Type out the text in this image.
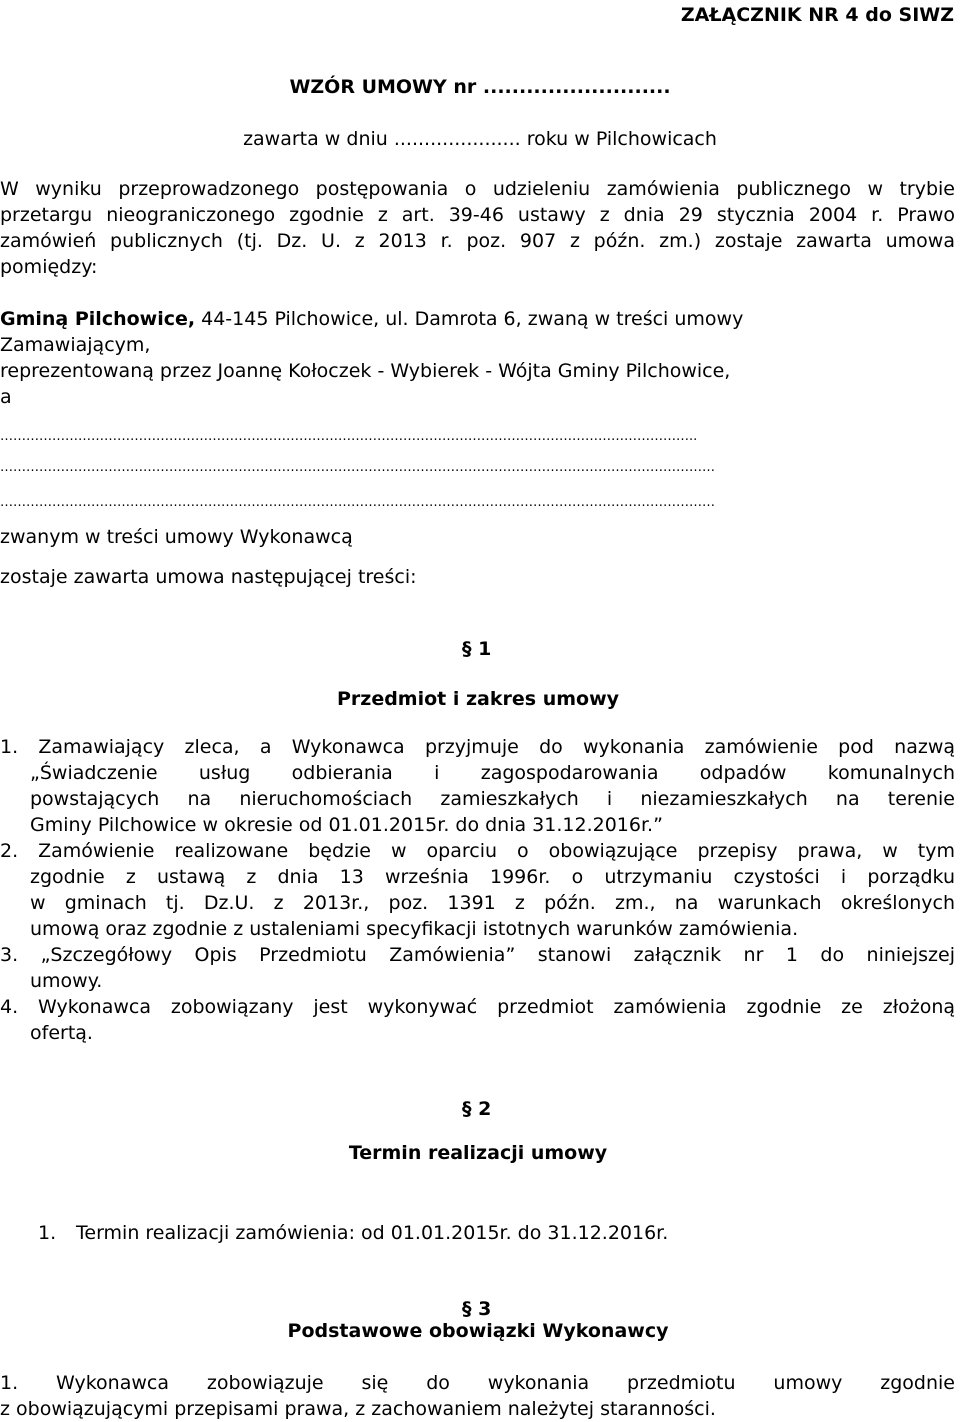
ZAŁĄCZNIK NR 4 do SIWZ
WZÓR UMOWY nr ..........................
zawarta w dniu ..................... roku w Pilchowicach
W wyniku przeprowadzonego postępowania o udzieleniu zamówienia publicznego w trybie
przetargu nieograniczonego zgodnie z art. 39-46 ustawy z dnia 29 stycznia 2004 r. Prawo
zamówień publicznych (tj. Dz. U. z 2013 r. poz. 907 z późn. zm.) zostaje zawarta umowa
pomiędzy:
Gminą Pilchowice, 44-145 Pilchowice, ul. Damrota 6, zwaną w treści umowy
Zamawiającym,
reprezentowaną przez Joannę Kołoczek - Wybierek - Wójta Gminy Pilchowice,
a
……………………………………………………………………………………………………………………………………………..
…………………………………………………………………………………………………………………………………………………
…………………………………………………………………………………………………………………………………………………
zwanym w treści umowy Wykonawcą
zostaje zawarta umowa następującej treści:
§ 1
Przedmiot i zakres umowy
1. Zamawiający zleca, a Wykonawca przyjmuje do wykonania zamówienie pod nazwą
„Świadczenie usług odbierania i zagospodarowania odpadów komunalnych
powstających na nieruchomościach zamieszkałych i niezamieszkałych na terenie
Gminy Pilchowice w okresie od 01.01.2015r. do dnia 31.12.2016r.”
2. Zamówienie realizowane będzie w oparciu o obowiązujące przepisy prawa, w tym
zgodnie z ustawą z dnia 13 września 1996r. o utrzymaniu czystości i porządku
w gminach tj. Dz.U. z 2013r., poz. 1391 z późn. zm., na warunkach określonych
umową oraz zgodnie z ustaleniami specyfikacji istotnych warunków zamówienia.
3. „Szczegółowy Opis Przedmiotu Zamówienia” stanowi załącznik nr 1 do niniejszej
umowy.
4. Wykonawca zobowiązany jest wykonywać przedmiot zamówienia zgodnie ze złożoną
ofertą.
§ 2
Termin realizacji umowy
1. Termin realizacji zamówienia: od 01.01.2015r. do 31.12.2016r.
§ 3
Podstawowe obowiązki Wykonawcy
1. Wykonawca zobowiązuje się do wykonania przedmiotu umowy zgodnie
z obowiązującymi przepisami prawa, z zachowaniem należytej staranności.
